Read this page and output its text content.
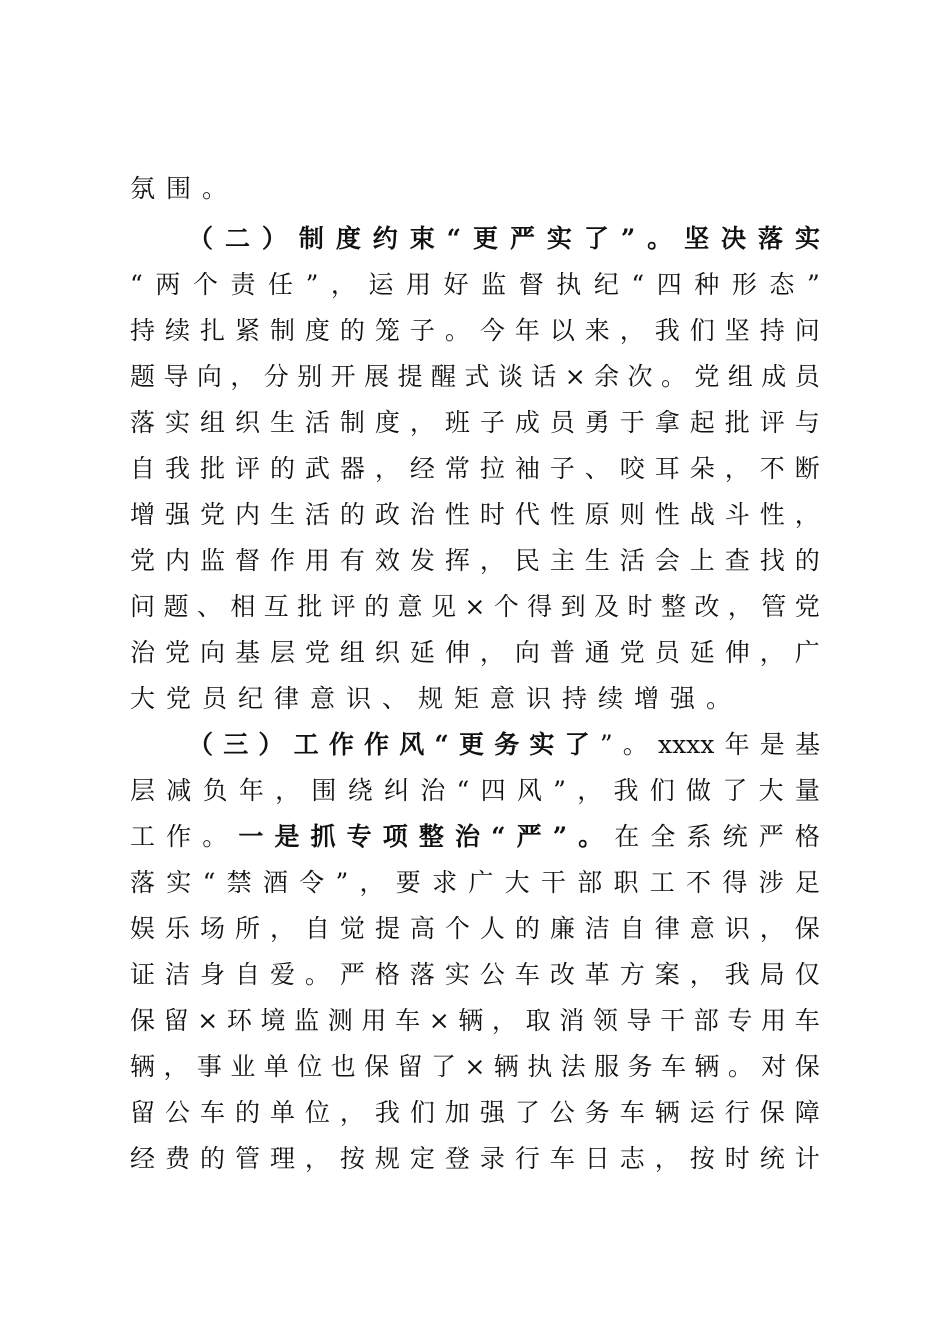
氛围。
（ 二 ） 制 度 约 束 “ 更 严 实 了 ” 。 坚 决 落 实
“ 两 个 责 任 ” ， 运 用 好 监 督 执 纪 “ 四 种 形 态 ”
持 续 扎 紧 制 度 的 笼 子 。 今 年 以 来 ， 我 们 坚 持 问
题 导 向 ， 分 别 开 展 提 醒 式 谈 话 × 余 次 。 党 组 成 员
落 实 组 织 生 活 制 度 ， 班 子 成 员 勇 于 拿 起 批 评 与
自 我 批 评 的 武 器 ， 经 常 拉 袖 子 、 咬 耳 朵 ， 不 断
增 强 党 内 生 活 的 政 治 性 时 代 性 原 则 性 战 斗 性 ，
党 内 监 督 作 用 有 效 发 挥 ， 民 主 生 活 会 上 查 找 的
问 题 、 相 互 批 评 的 意 见 × 个 得 到 及 时 整 改 ， 管 党
治 党 向 基 层 党 组 织 延 伸 ， 向 普 通 党 员 延 伸 ， 广
大党员纪律意识、规矩意识持续增强。
（ 三 ） 工 作 作 风 “ 更 务 实 了 ” 。 xxxx 年 是 基
层 减 负 年 ， 围 绕 纠 治 “ 四 风 ” ， 我 们 做 了 大 量
工 作 。 一 是 抓 专 项 整 治 “ 严 ” 。 在 全 系 统 严 格
落 实 “ 禁 酒 令 ” ， 要 求 广 大 干 部 职 工 不 得 涉 足
娱 乐 场 所 ， 自 觉 提 高 个 人 的 廉 洁 自 律 意 识 ， 保
证 洁 身 自 爱 。 严 格 落 实 公 车 改 革 方 案 ， 我 局 仅
保 留 × 环 境 监 测 用 车 × 辆 ， 取 消 领 导 干 部 专 用 车
辆 ， 事 业 单 位 也 保 留 了 × 辆 执 法 服 务 车 辆 。 对 保
留 公 车 的 单 位 ， 我 们 加 强 了 公 务 车 辆 运 行 保 障
经 费 的 管 理 ， 按 规 定 登 录 行 车 日 志 ， 按 时 统 计
